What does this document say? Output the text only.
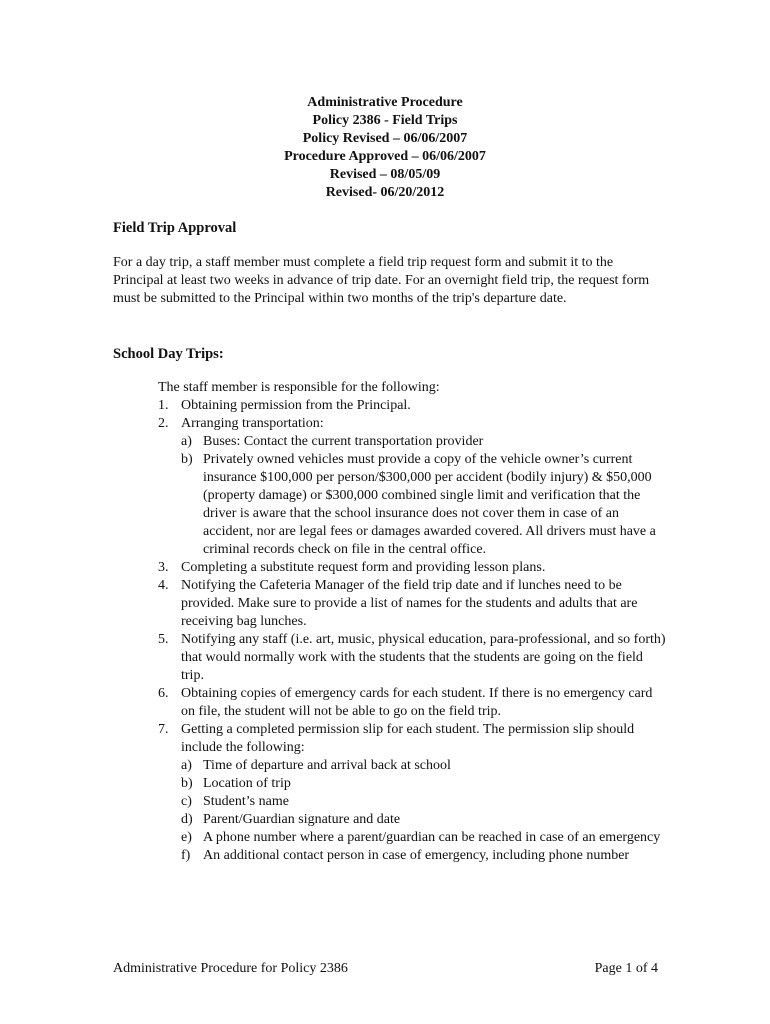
Administrative Procedure
Policy 2386 - Field Trips
Policy Revised – 06/06/2007
Procedure Approved – 06/06/2007
Revised – 08/05/09
Revised- 06/20/2012
Field Trip Approval
For a day trip, a staff member must complete a field trip request form and submit it to the Principal at least two weeks in advance of trip date. For an overnight field trip, the request form must be submitted to the Principal within two months of the trip's departure date.
School Day Trips:
The staff member is responsible for the following:
1. Obtaining permission from the Principal.
2. Arranging transportation:
a) Buses: Contact the current transportation provider
b) Privately owned vehicles must provide a copy of the vehicle owner’s current insurance $100,000 per person/$300,000 per accident (bodily injury) & $50,000 (property damage) or $300,000 combined single limit and verification that the driver is aware that the school insurance does not cover them in case of an accident, nor are legal fees or damages awarded covered. All drivers must have a criminal records check on file in the central office.
3. Completing a substitute request form and providing lesson plans.
4. Notifying the Cafeteria Manager of the field trip date and if lunches need to be provided. Make sure to provide a list of names for the students and adults that are receiving bag lunches.
5. Notifying any staff (i.e. art, music, physical education, para-professional, and so forth) that would normally work with the students that the students are going on the field trip.
6. Obtaining copies of emergency cards for each student. If there is no emergency card on file, the student will not be able to go on the field trip.
7. Getting a completed permission slip for each student. The permission slip should include the following:
a) Time of departure and arrival back at school
b) Location of trip
c) Student’s name
d) Parent/Guardian signature and date
e) A phone number where a parent/guardian can be reached in case of an emergency
f) An additional contact person in case of emergency, including phone number
Administrative Procedure for Policy 2386	Page 1 of 4
